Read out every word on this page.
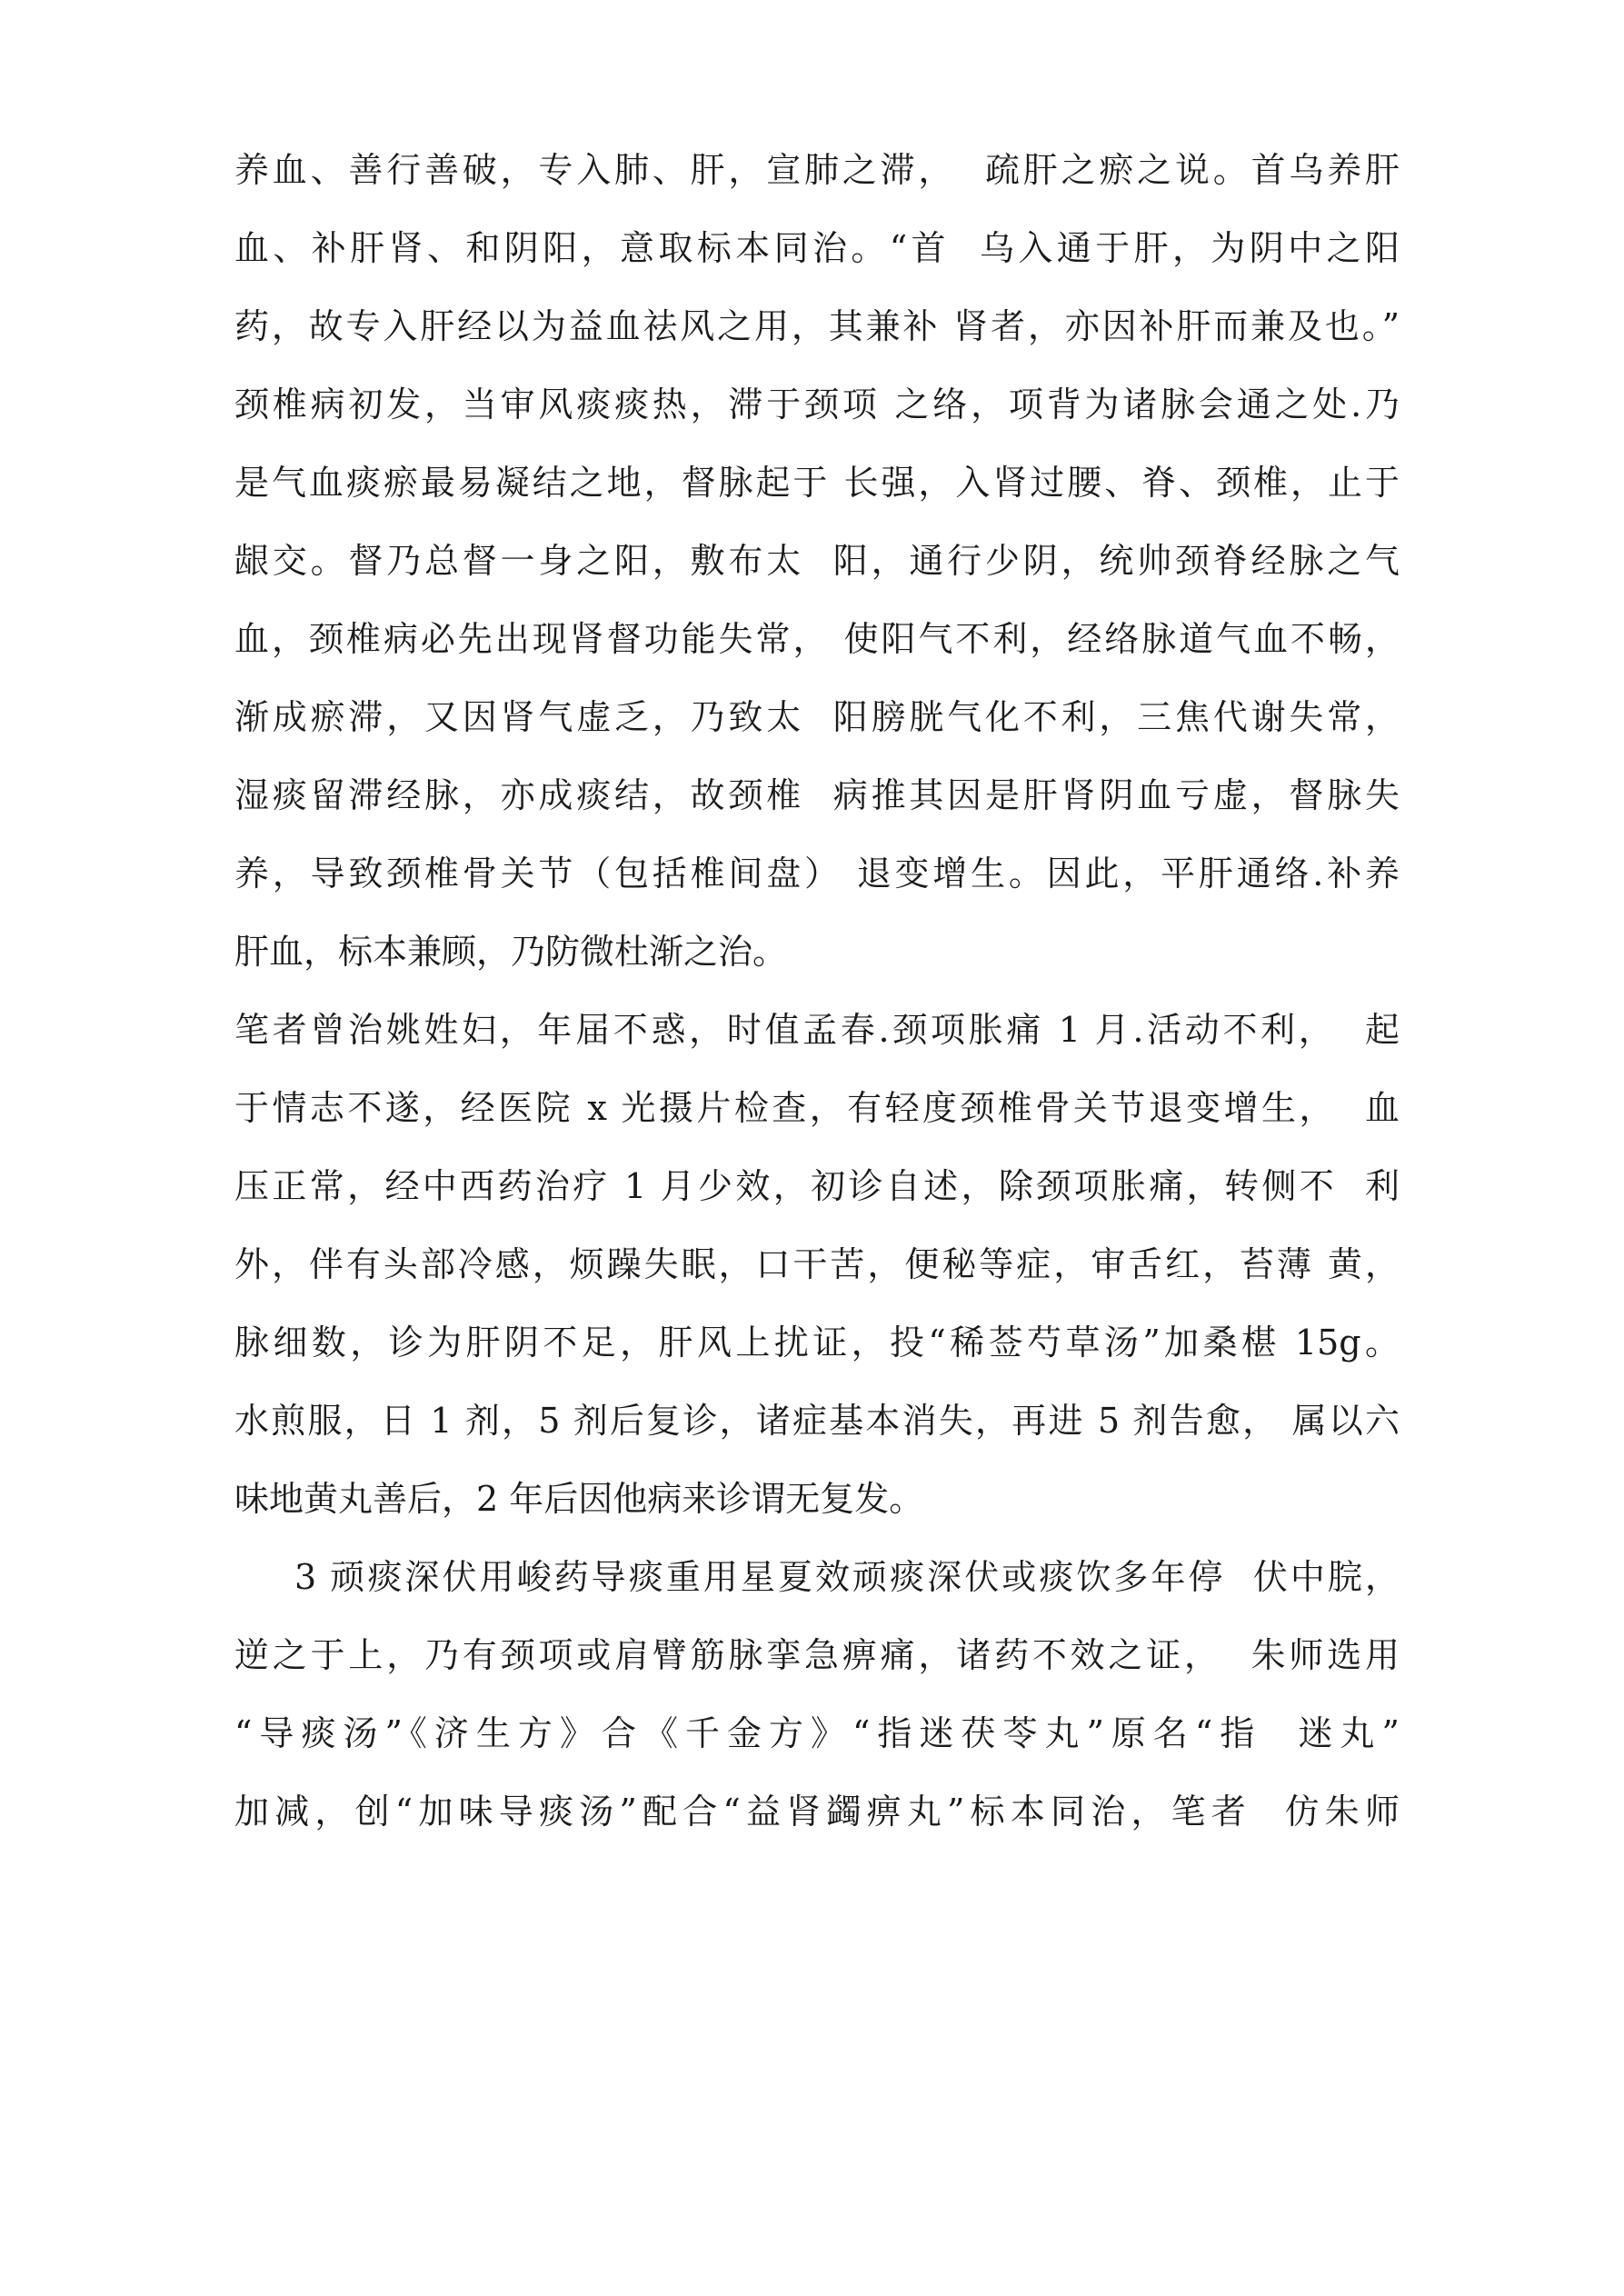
养血、善行善破，专入肺、肝，宣肺之滞，  疏肝之瘀之说。首乌养肝
血、补肝肾、和阴阳，意取标本同治。“首  乌入通于肝，为阴中之阳
药，故专入肝经以为益血祛风之用，其兼补 肾者，亦因补肝而兼及也。”
颈椎病初发，当审风痰痰热，滞于颈项 之络，项背为诸脉会通之处.乃
是气血痰瘀最易凝结之地，督脉起于 长强，入肾过腰、脊、颈椎，止于
龈交。督乃总督一身之阳，敷布太  阳，通行少阴，统帅颈脊经脉之气
血，颈椎病必先出现肾督功能失常， 使阳气不利，经络脉道气血不畅，
渐成瘀滞，又因肾气虚乏，乃致太  阳膀胱气化不利，三焦代谢失常，
湿痰留滞经脉，亦成痰结，故颈椎  病推其因是肝肾阴血亏虚，督脉失
养，导致颈椎骨关节（包括椎间盘） 退变增生。因此，平肝通络.补养
肝血，标本兼顾，乃防微杜渐之治。
笔者曾治姚姓妇，年届不惑，时值孟春.颈项胀痛 1 月.活动不利，  起
于情志不遂，经医院 x 光摄片检查，有轻度颈椎骨关节退变增生，  血
压正常，经中西药治疗 1 月少效，初诊自述，除颈项胀痛，转侧不  利
外，伴有头部冷感，烦躁失眠，口干苦，便秘等症，审舌红，苔薄 黄，
脉细数，诊为肝阴不足，肝风上扰证，投“稀莶芍草汤”加桑椹 15g。
水煎服，日 1 剂，5 剂后复诊，诸症基本消失，再进 5 剂告愈， 属以六
味地黄丸善后，2 年后因他病来诊谓无复发。
3 顽痰深伏用峻药导痰重用星夏效顽痰深伏或痰饮多年停  伏中脘，
逆之于上，乃有颈项或肩臂筋脉挛急痹痛，诸药不效之证，  朱师选用
“导痰汤”《济生方》合《千金方》“指迷茯苓丸”原名“指  迷丸”
加减，创“加味导痰汤”配合“益肾蠲痹丸”标本同治，笔者  仿朱师
